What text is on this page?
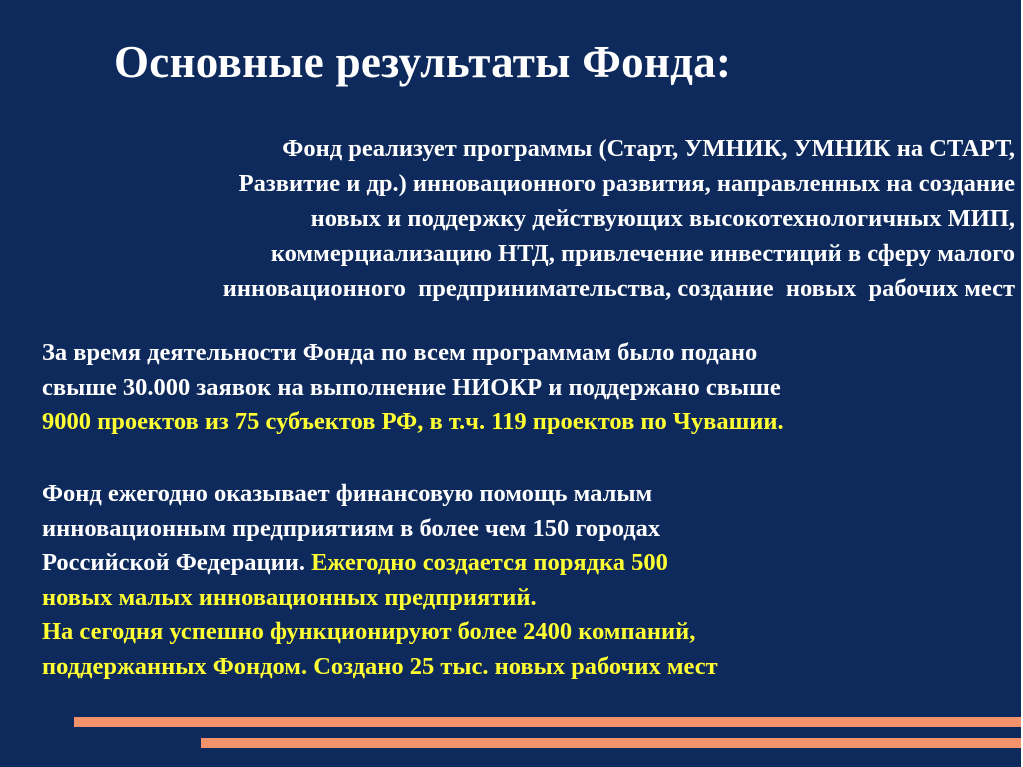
Основные результаты Фонда:
Фонд реализует программы (Старт, УМНИК, УМНИК на СТАРТ,
Развитие и др.) инновационного развития, направленных на создание
новых и поддержку действующих высокотехнологичных МИП,
коммерциализацию НТД, привлечение инвестиций в сферу малого
инновационного  предпринимательства, создание  новых  рабочих мест
За время деятельности Фонда по всем программам было подано
свыше 30.000 заявок на выполнение НИОКР и поддержано свыше
9000 проектов из 75 субъектов РФ, в т.ч. 119 проектов по Чувашии.
Фонд ежегодно оказывает финансовую помощь малым
инновационным предприятиям в более чем 150 городах
Российской Федерации. Ежегодно создается порядка 500
новых малых инновационных предприятий.
На сегодня успешно функционируют более 2400 компаний,
поддержанных Фондом. Создано 25 тыс. новых рабочих мест
